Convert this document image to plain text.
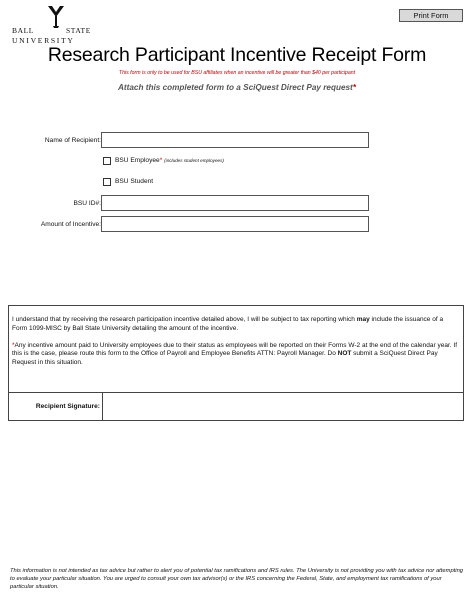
Print Form
BALL	STATE
UNIVERSITY
Research Participant Incentive Receipt Form
This form is only to be used for BSU affiliates when an incentive will be greater than $40 per participant
Attach this completed form to a SciQuest Direct Pay request*
Name of Recipient:
BSU Employee* (includes student employees)
BSU Student
BSU ID#:
Amount of Incentive:

I understand that by receiving the research participation incentive detailed above, I will be subject to tax reporting which may include the issuance of a Form 1099-MISC by Ball State University detailing the amount of the incentive.

*Any incentive amount paid to University employees due to their status as employees will be reported on their Forms W-2 at the end of the calendar year. If this is the case, please route this form to the Office of Payroll and Employee Benefits ATTN: Payroll Manager. Do NOT submit a SciQuest Direct Pay Request in this situation.

Recipient Signature:
This information is not intended as tax advice but rather to alert you of potential tax ramifications and IRS rules. The University is not providing you with tax advice nor attempting to evaluate your particular situation. You are urged to consult your own tax advisor(s) or the IRS concerning the Federal, State, and employment tax ramifications of your particular situation.
